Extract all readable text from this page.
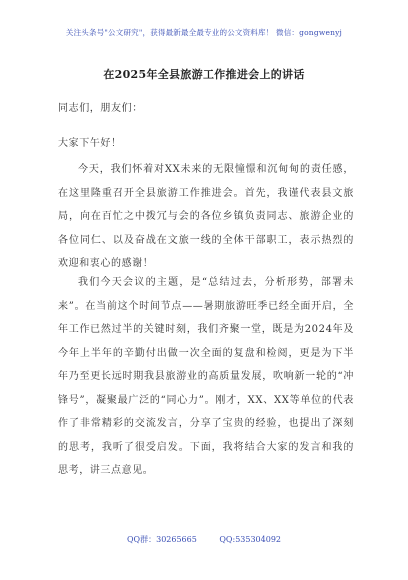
关注头条号"公文研究"，获得最新最全最专业的公文资料库！ 微信：gongwenyj
在2025年全县旅游工作推进会上的讲话
同志们，朋友们：
大家下午好！
今天，我们怀着对XX未来的无限憧憬和沉甸甸的责任感，在这里隆重召开全县旅游工作推进会。首先，我谨代表县文旅局，向在百忙之中拨冗与会的各位乡镇负责同志、旅游企业的各位同仁、以及奋战在文旅一线的全体干部职工，表示热烈的欢迎和衷心的感谢！
我们今天会议的主题，是“总结过去，分析形势，部署未来”。在当前这个时间节点——暑期旅游旺季已经全面开启，全年工作已然过半的关键时刻，我们齐聚一堂，既是为2024年及今年上半年的辛勤付出做一次全面的复盘和检阅，更是为下半年乃至更长远时期我县旅游业的高质量发展，吹响新一轮的“冲锋号”，凝聚最广泛的“同心力”。刚才，XX、XX等单位的代表作了非常精彩的交流发言，分享了宝贵的经验，也提出了深刻的思考，我听了很受启发。下面，我将结合大家的发言和我的思考，讲三点意见。
QQ群：30265665	QQ:535304092
